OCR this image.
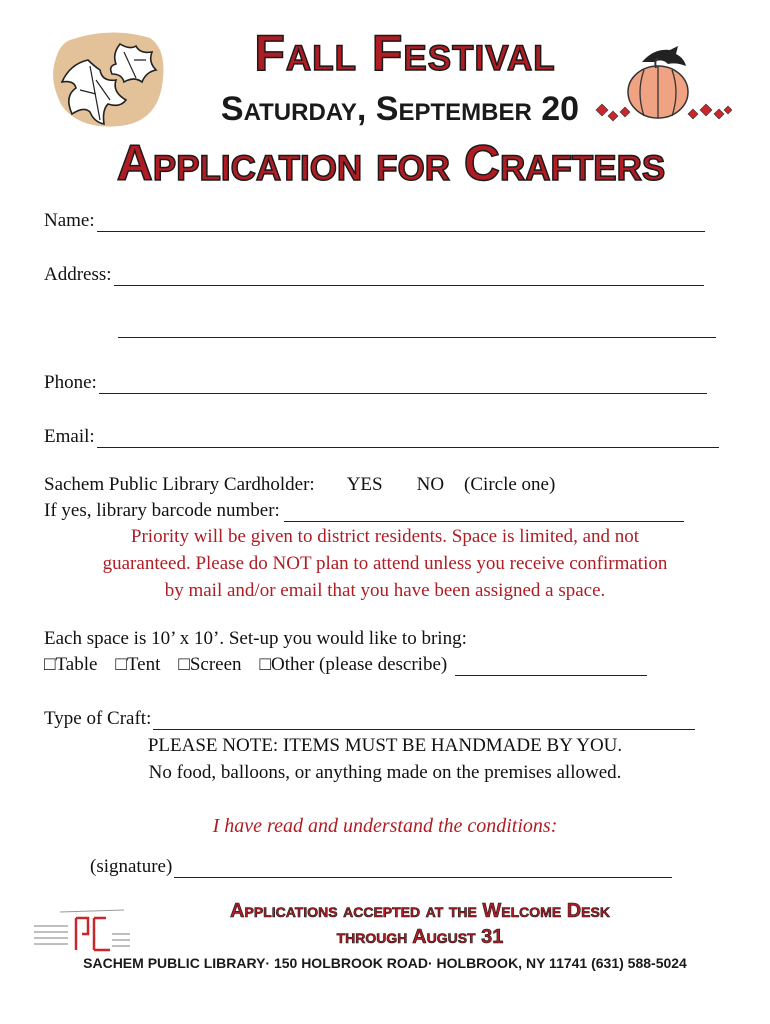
Fall Festival
Saturday, September 20
Application for Crafters
Name:
Address:
Phone:
Email:
Sachem Public Library Cardholder: YES NO (Circle one)
If yes, library barcode number:
Priority will be given to district residents. Space is limited, and not
guaranteed. Please do NOT plan to attend unless you receive confirmation
by mail and/or email that you have been assigned a space.
Each space is 10’ x 10’. Set-up you would like to bring:
□Table □Tent □Screen □Other (please describe)
Type of Craft:
PLEASE NOTE: ITEMS MUST BE HANDMADE BY YOU.
No food, balloons, or anything made on the premises allowed.
I have read and understand the conditions:
(signature)
Applications accepted at the Welcome Desk
through August 31
SACHEM PUBLIC LIBRARY· 150 HOLBROOK ROAD· HOLBROOK, NY 11741 (631) 588-5024
